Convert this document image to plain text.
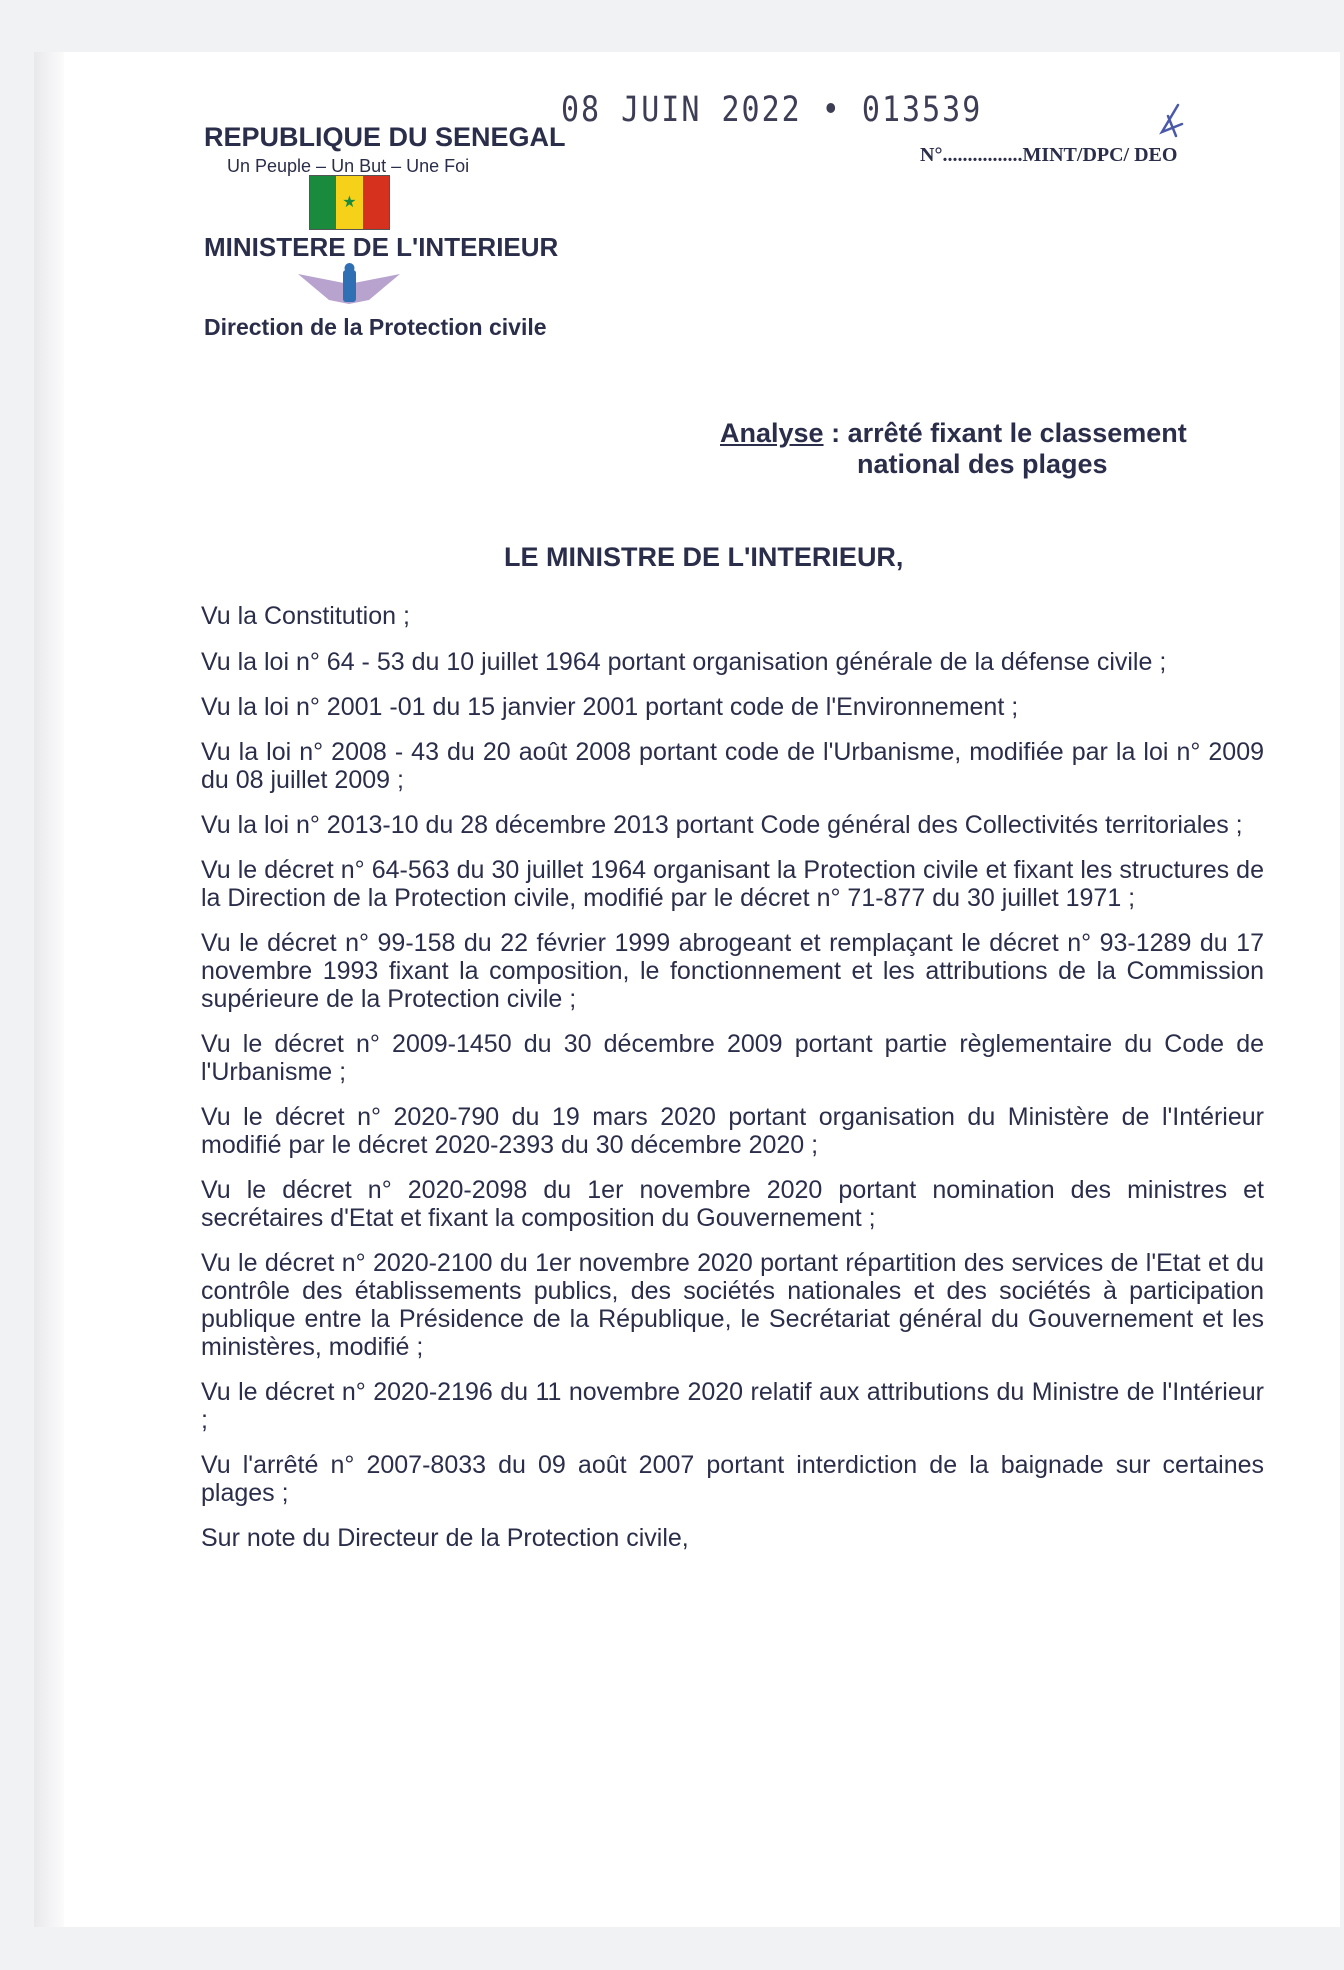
08 JUIN 2022 • 013539
REPUBLIQUE DU SENEGAL
Un Peuple – Un But – Une Foi
★
MINISTERE DE L'INTERIEUR
Direction de la Protection civile
N°................MINT/DPC/ DEO
Analyse : arrêté fixant le classement
national des plages
LE MINISTRE DE L'INTERIEUR,

Vu la Constitution ;

Vu la loi n° 64 - 53 du 10 juillet 1964 portant organisation générale de la défense civile ;

Vu la loi n° 2001 -01 du 15 janvier 2001 portant code de l'Environnement ;

Vu la loi n° 2008 - 43 du 20 août 2008 portant code de l'Urbanisme, modifiée par la loi n° 2009 du 08 juillet 2009 ;

Vu la loi n° 2013-10 du 28 décembre 2013 portant Code général des Collectivités territoriales ;

Vu le décret n° 64-563 du 30 juillet 1964 organisant la Protection civile et fixant les structures de la Direction de la Protection civile, modifié par le décret n° 71-877 du 30 juillet 1971 ;

Vu le décret n° 99-158 du 22 février 1999 abrogeant et remplaçant le décret n° 93-1289 du 17 novembre 1993 fixant la composition, le fonctionnement et les attributions de la Commission supérieure de la Protection civile ;

Vu le décret n° 2009-1450 du 30 décembre 2009 portant partie règlementaire du Code de l'Urbanisme ;

Vu le décret n° 2020-790 du 19 mars 2020 portant organisation du Ministère de l'Intérieur modifié par le décret 2020-2393 du 30 décembre 2020 ;

Vu le décret n° 2020-2098 du 1er novembre 2020 portant nomination des ministres et secrétaires d'Etat et fixant la composition du Gouvernement ;

Vu le décret n° 2020-2100 du 1er novembre 2020 portant répartition des services de l'Etat et du contrôle des établissements publics, des sociétés nationales et des sociétés à participation publique entre la Présidence de la République, le Secrétariat général du Gouvernement et les ministères, modifié ;

Vu le décret n° 2020-2196 du 11 novembre 2020 relatif aux attributions du Ministre de l'Intérieur ;

Vu l'arrêté n° 2007-8033 du 09 août 2007 portant interdiction de la baignade sur certaines plages ;

Sur note du Directeur de la Protection civile,
